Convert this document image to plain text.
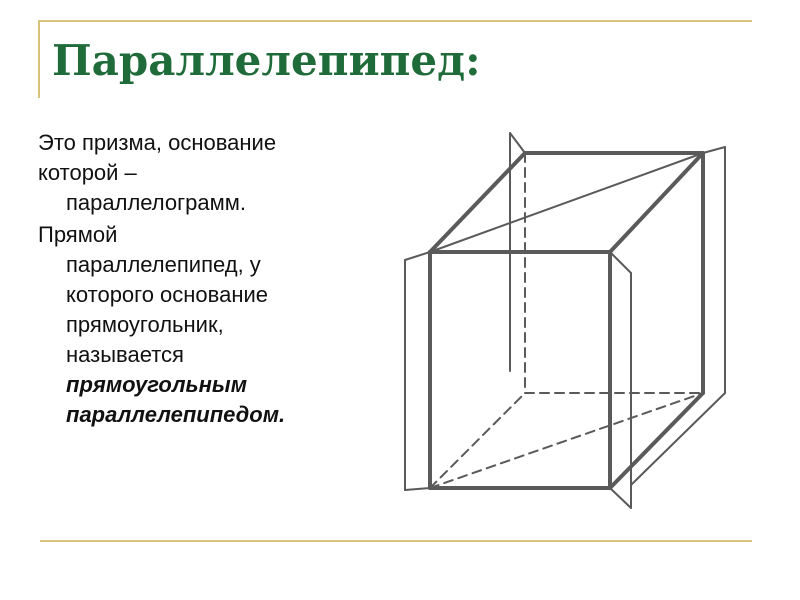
Параллелепипед:

Это призма, основание
которой –
параллелограмм.

Прямой
параллелепипед, у
которого основание
прямоугольник,
называется
прямоугольным
параллелепипедом.
